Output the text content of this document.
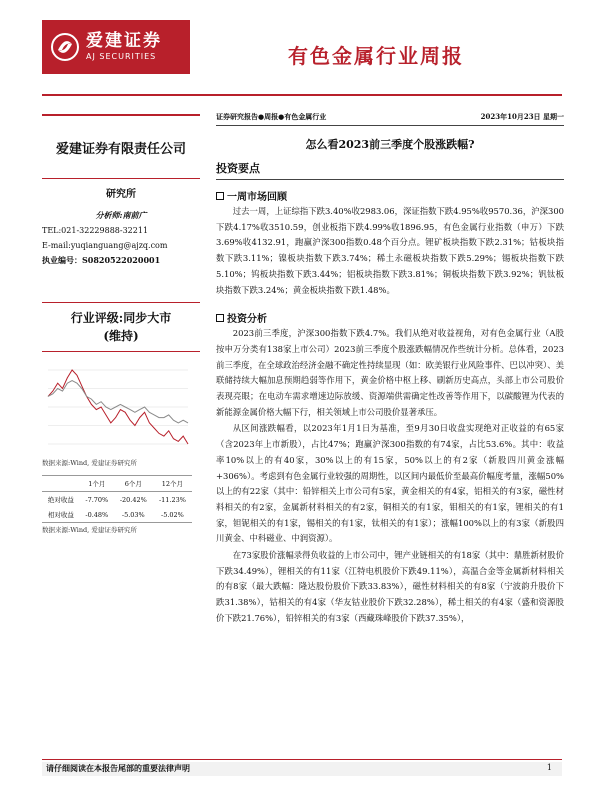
爱建证券
AJ SECURITIES	有色金属行业周报
爱建证券有限责任公司
研究所
分析师:南前广
TEL:021-32229888-32211
E-mail:yuqianguang@ajzq.com
执业编号：S0820522020001
行业评级:同步大市
(维持)
数据来源:Wind, 爱建证券研究所
	1个月	6个月	12个月
绝对收益	-7.70%	-20.42%	-11.23%
相对收益	-0.48%	-5.03%	-5.02%
数据来源:Wind, 爱建证券研究所
证券研究报告●周报●有色金属行业	2023年10月23日 星期一
怎么看2023前三季度个股涨跌幅?
投资要点
一周市场回顾

过去一周，上证综指下跌3.40%收2983.06，深证指数下跌4.95%收9570.36，沪深300下跌4.17%收3510.59，创业板指下跌4.99%收1896.95，有色金属行业指数（申万）下跌3.69%收4132.91，跑赢沪深300指数0.48个百分点。锂矿板块指数下跌2.31%；钴板块指数下跌3.11%；镍板块指数下跌3.74%；稀土永磁板块指数下跌5.29%；锡板块指数下跌5.10%；钨板块指数下跌3.44%；铝板块指数下跌3.81%；铜板块指数下跌3.92%；钒钛板块指数下跌3.24%；黄金板块指数下跌1.48%。

投资分析

2023前三季度，沪深300指数下跌4.7%。我们从绝对收益视角，对有色金属行业（A股按申万分类有138家上市公司）2023前三季度个股涨跌幅情况作些统计分析。总体看，2023前三季度，在全球政治经济金融不确定性持续显现（如：欧美银行业风险事件、巴以冲突）、美联储持续大幅加息预期趋弱等作用下，黄金价格中枢上移、刷新历史高点，头部上市公司股价表现亮眼；在电动车需求增速边际放缓、资源端供需确定性改善等作用下，以碳酸锂为代表的新能源金属价格大幅下行，相关领域上市公司股价显著承压。

从区间涨跌幅看，以2023年1月1日为基准，至9月30日收盘实现绝对正收益的有65家（含2023年上市新股），占比47%；跑赢沪深300指数的有74家，占比53.6%。其中：收益率10%以上的有40家，30%以上的有15家，50%以上的有2家（新股四川黄金涨幅+306%）。考虑到有色金属行业较强的周期性，以区间内最低价至最高价幅度考量，涨幅50%以上的有22家（其中：铅锌相关上市公司有5家，黄金相关的有4家，铝相关的有3家，磁性材料相关的有2家，金属新材料相关的有2家，铜相关的有1家，钼相关的有1家，锂相关的有1家，钽铌相关的有1家，锡相关的有1家，钛相关的有1家）；涨幅100%以上的有3家（新股四川黄金、中科磁业、中润资源）。

在73家股价涨幅录得负收益的上市公司中，锂产业链相关的有18家（其中：鼎胜新材股价下跌34.49%），锂相关的有11家（江特电机股价下跌49.11%），高温合金等金属新材料相关的有8家（最大跌幅：隆达股份股价下跌33.83%），磁性材料相关的有8家（宁波韵升股价下跌31.38%），钴相关的有4家（华友钴业股价下跌32.28%），稀土相关的有4家（盛和资源股价下跌21.76%），铅锌相关的有3家（西藏珠峰股价下跌37.35%），

请仔细阅读在本报告尾部的重要法律声明	1
